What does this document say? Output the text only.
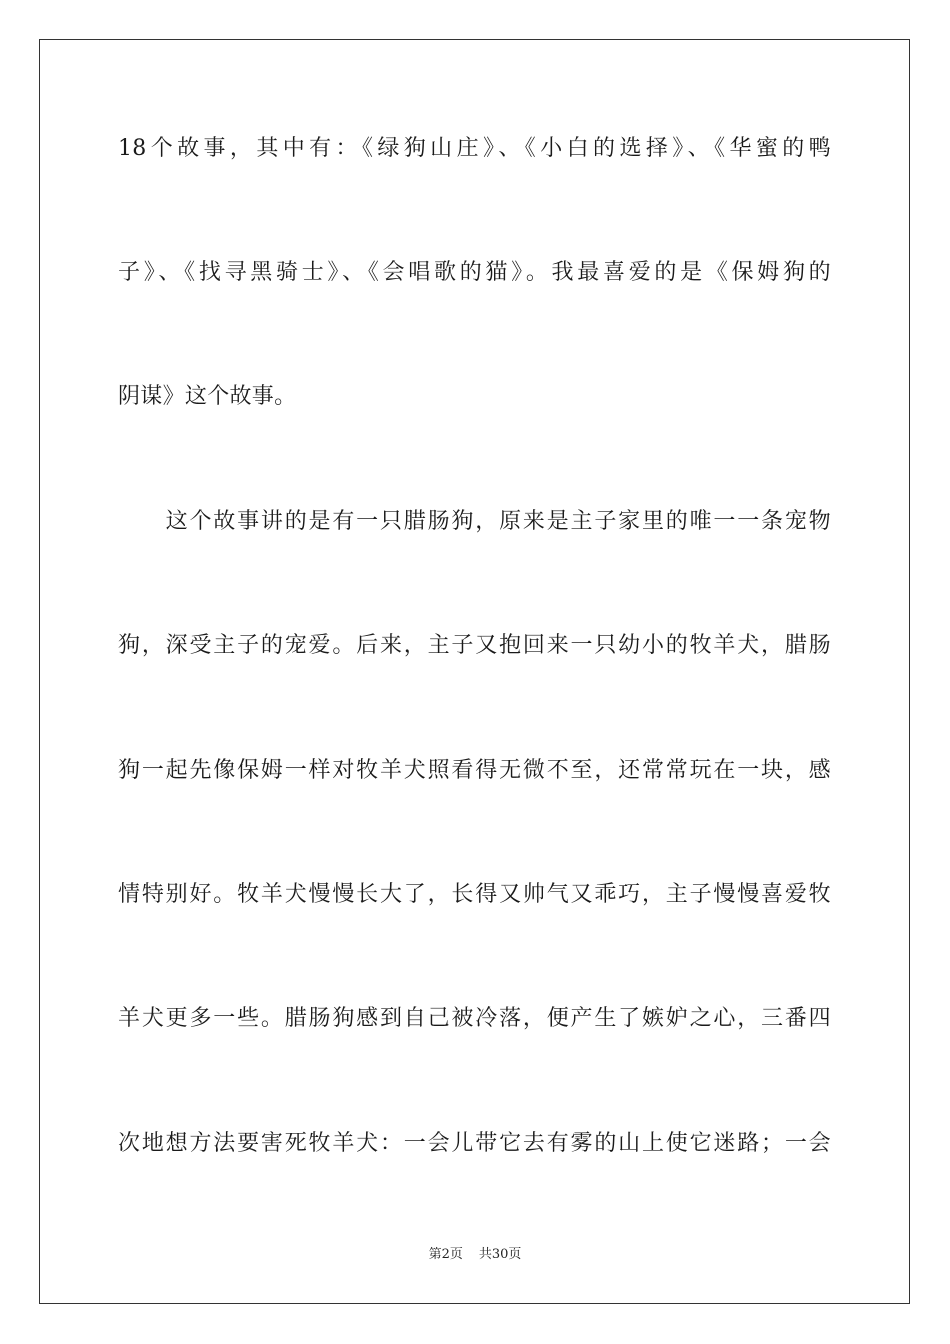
18个故事，其中有：《绿狗山庄》、《小白的选择》、《华蜜的鸭
子》、《找寻黑骑士》、《会唱歌的猫》。我最喜爱的是《保姆狗的
阴谋》这个故事。
　　这个故事讲的是有一只腊肠狗，原来是主子家里的唯一一条宠物
狗，深受主子的宠爱。后来，主子又抱回来一只幼小的牧羊犬，腊肠
狗一起先像保姆一样对牧羊犬照看得无微不至，还常常玩在一块，感
情特别好。牧羊犬慢慢长大了，长得又帅气又乖巧，主子慢慢喜爱牧
羊犬更多一些。腊肠狗感到自己被冷落，便产生了嫉妒之心，三番四
次地想方法要害死牧羊犬：一会儿带它去有雾的山上使它迷路；一会
第2页 共30页
